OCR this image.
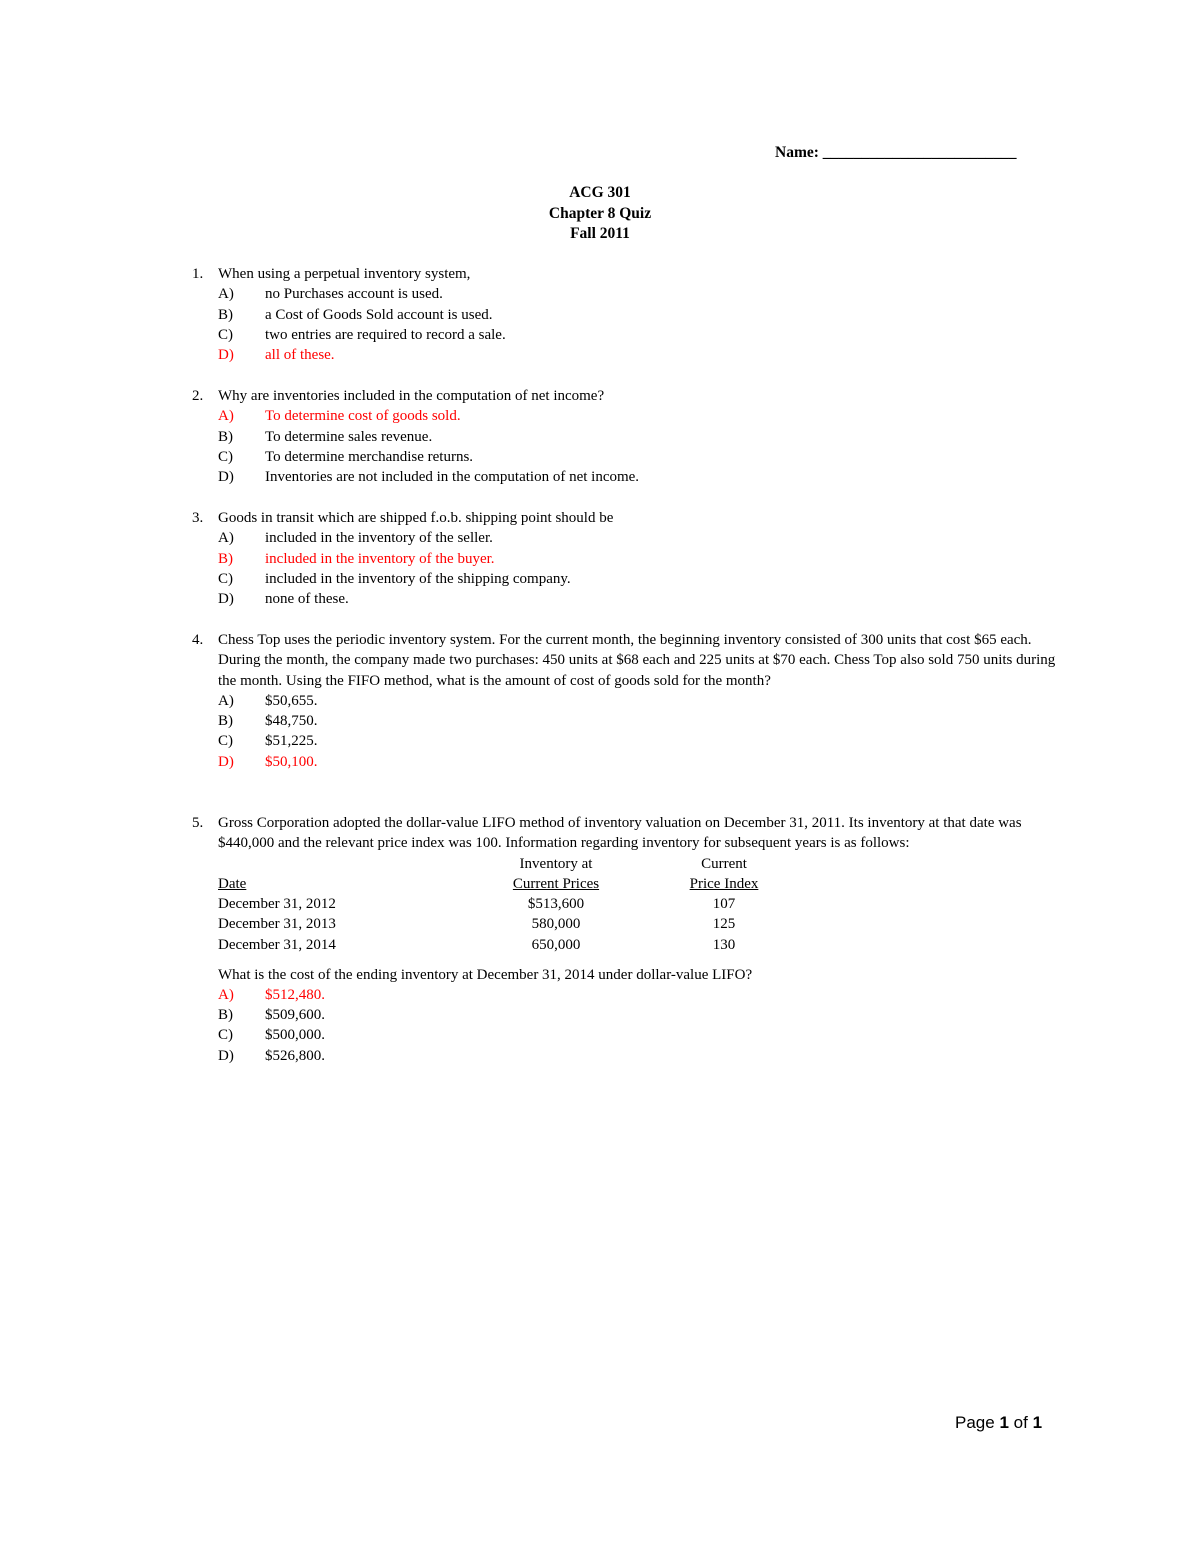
Name: _________________________
ACG 301
Chapter 8 Quiz
Fall 2011
1. When using a perpetual inventory system,
A) no Purchases account is used.
B) a Cost of Goods Sold account is used.
C) two entries are required to record a sale.
D) all of these.
2. Why are inventories included in the computation of net income?
A) To determine cost of goods sold.
B) To determine sales revenue.
C) To determine merchandise returns.
D) Inventories are not included in the computation of net income.
3. Goods in transit which are shipped f.o.b. shipping point should be
A) included in the inventory of the seller.
B) included in the inventory of the buyer.
C) included in the inventory of the shipping company.
D) none of these.
4. Chess Top uses the periodic inventory system. For the current month, the beginning inventory consisted of 300 units that cost $65 each. During the month, the company made two purchases: 450 units at $68 each and 225 units at $70 each. Chess Top also sold 750 units during the month. Using the FIFO method, what is the amount of cost of goods sold for the month?
A) $50,655.
B) $48,750.
C) $51,225.
D) $50,100.
5. Gross Corporation adopted the dollar-value LIFO method of inventory valuation on December 31, 2011. Its inventory at that date was $440,000 and the relevant price index was 100. Information regarding inventory for subsequent years is as follows:

Date
December 31, 2012
December 31, 2013
December 31, 2014
Inventory at
Current Prices
$513,600
580,000
650,000
Current
Price Index
107
125
130
What is the cost of the ending inventory at December 31, 2014 under dollar-value LIFO?
A) $512,480.
B) $509,600.
C) $500,000.
D) $526,800.
Page 1 of 1
